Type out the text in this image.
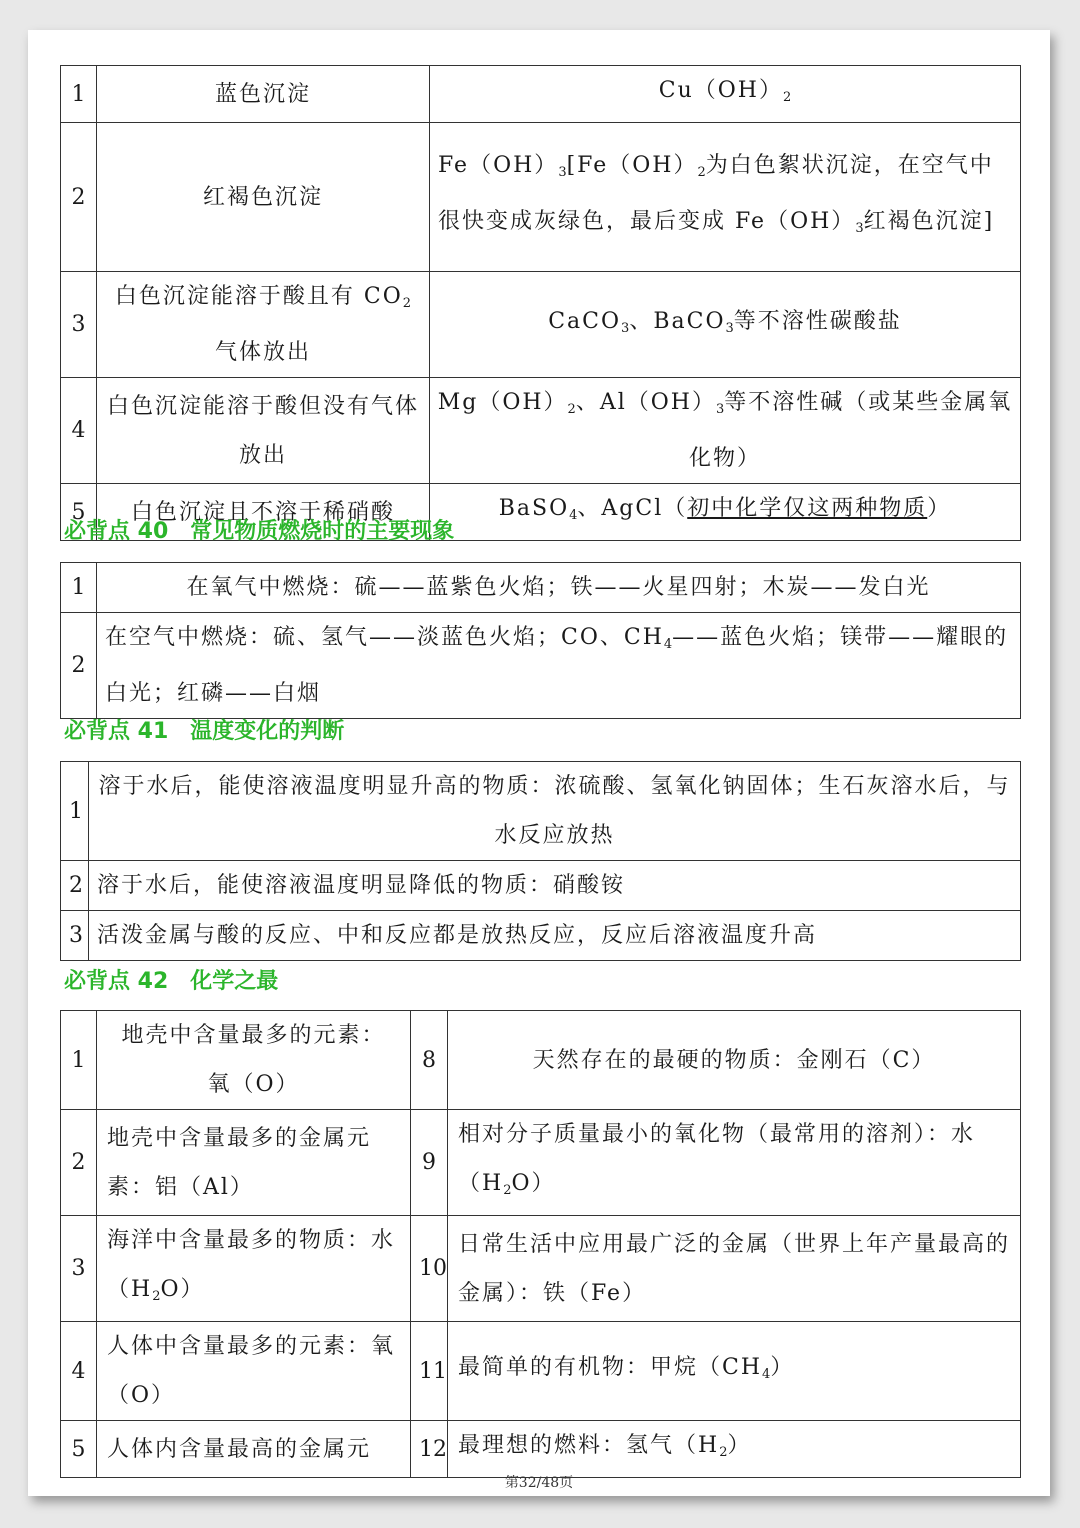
1	蓝色沉淀	$Cu(OH)_2$
2	红褐色沉淀	$Fe(OH)_3[Fe(OH)_2$为白色絮状沉淀，在空气中很快变成灰绿色，最后变成 $Fe(OH)_3$红褐色沉淀]
3	白色沉淀能溶于酸且有 $CO_2$气体放出	CaCO$_3$、BaCO$_3$等不溶性碳酸盐
4	白色沉淀能溶于酸但没有气体放出	$Mg(OH)_2$、$Al(OH)_3$等不溶性碱（或某些金属氧化物）
5	白色沉淀且不溶于稀硝酸	BaSO$_4$、AgCl（初中化学仅这两种物质）
必背点 40　常见物质燃烧时的主要现象
1	在氧气中燃烧：硫——蓝紫色火焰；铁——火星四射；木炭——发白光
2	在空气中燃烧：硫、氢气——淡蓝色火焰；CO、$CH_4——$蓝色火焰；镁带——耀眼的白光；红磷——白烟
必背点 41　温度变化的判断
1	溶于水后，能使溶液温度明显升高的物质：浓硫酸、氢氧化钠固体；生石灰溶水后，与水反应放热
2	溶于水后，能使溶液温度明显降低的物质：硝酸铵
3	活泼金属与酸的反应、中和反应都是放热反应，反应后溶液温度升高
必背点 42　化学之最
1	地壳中含量最多的元素：氧（O）	8	天然存在的最硬的物质：金刚石（C）
2	地壳中含量最多的金属元素：铝（Al）	9	相对分子质量最小的氧化物（最常用的溶剂）：水$(H_2O)$
3	海洋中含量最多的物质：水$(H_2O)$	10	日常生活中应用最广泛的金属（世界上年产量最高的金属）：铁（Fe）
4	人体中含量最多的元素：氧（O）	11	最简单的有机物：甲烷$(CH_4)$
5	人体内含量最高的金属元	12	最理想的燃料：氢气$(H_2)$
第32/48页
